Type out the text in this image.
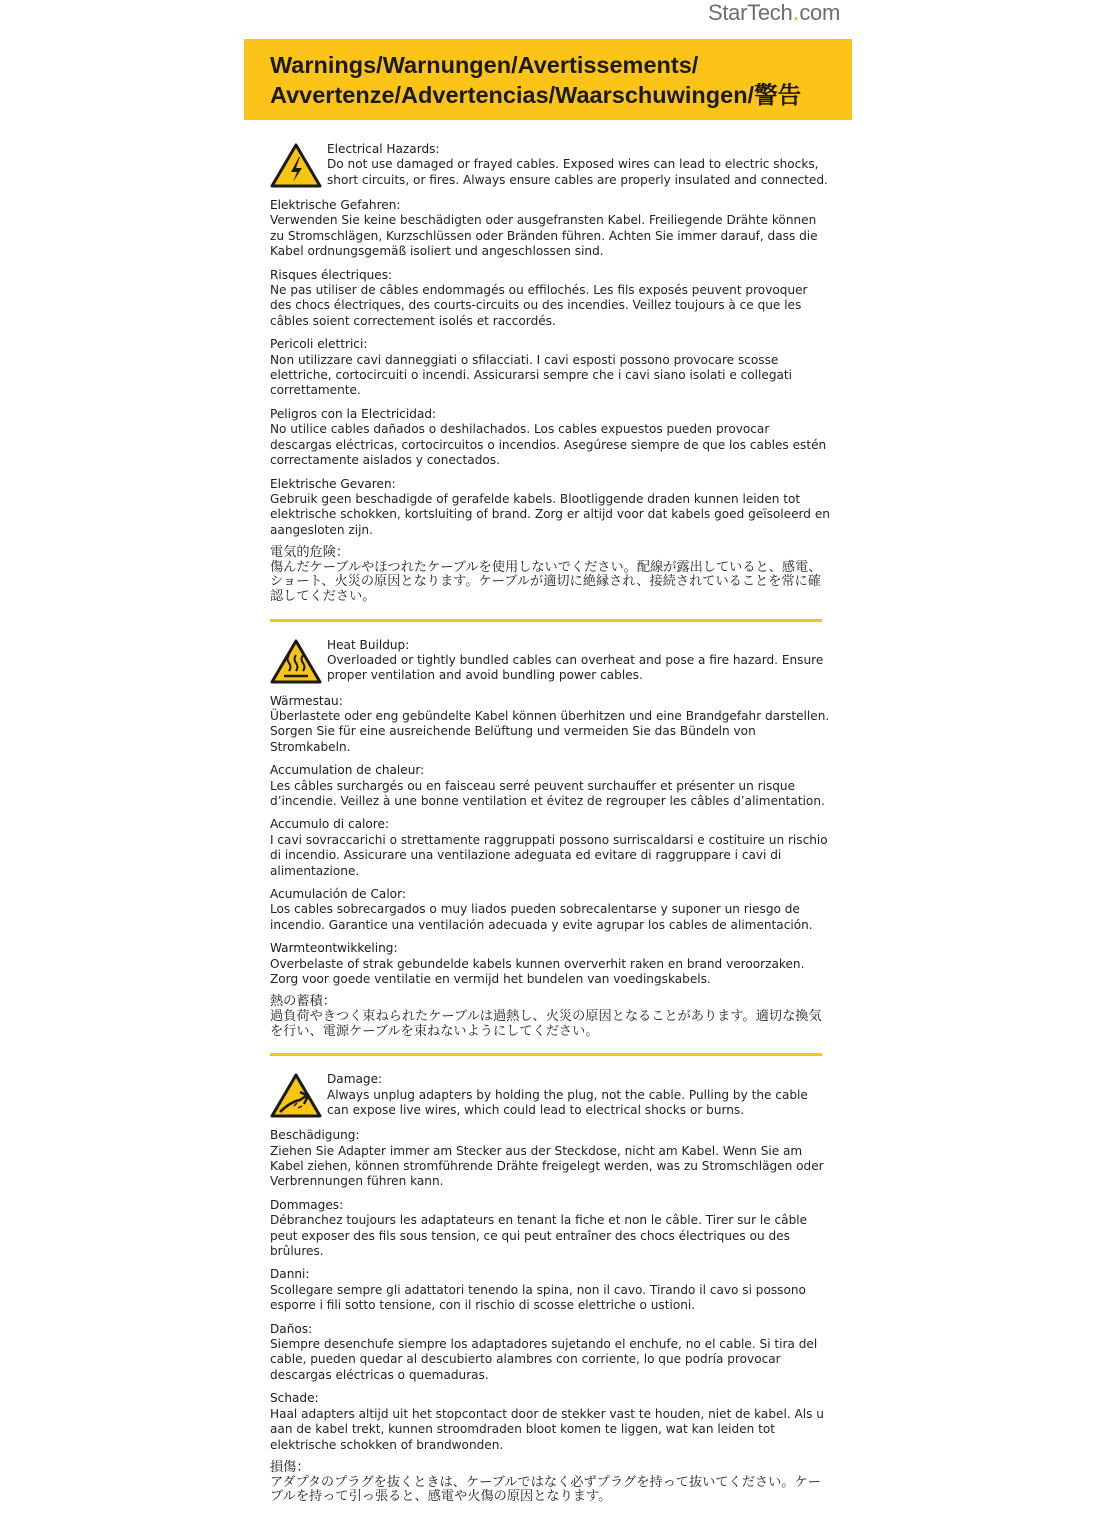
StarTech.com
Warnings/Warnungen/Avertissements/
Avvertenze/Advertencias/Waarschuwingen/警告
Electrical Hazards:
Do not use damaged or frayed cables. Exposed wires can lead to electric shocks, short circuits, or fires. Always ensure cables are properly insulated and connected.
Elektrische Gefahren:
Verwenden Sie keine beschädigten oder ausgefransten Kabel. Freiliegende Drähte können zu Stromschlägen, Kurzschlüssen oder Bränden führen. Achten Sie immer darauf, dass die Kabel ordnungsgemäß isoliert und angeschlossen sind.
Risques électriques:
Ne pas utiliser de câbles endommagés ou effilochés. Les fils exposés peuvent provoquer des chocs électriques, des courts-circuits ou des incendies. Veillez toujours à ce que les câbles soient correctement isolés et raccordés.
Pericoli elettrici:
Non utilizzare cavi danneggiati o sfilacciati. I cavi esposti possono provocare scosse elettriche, cortocircuiti o incendi. Assicurarsi sempre che i cavi siano isolati e collegati correttamente.
Peligros con la Electricidad:
No utilice cables dañados o deshilachados. Los cables expuestos pueden provocar descargas eléctricas, cortocircuitos o incendios. Asegúrese siempre de que los cables estén correctamente aislados y conectados.
Elektrische Gevaren:
Gebruik geen beschadigde of gerafelde kabels. Blootliggende draden kunnen leiden tot elektrische schokken, kortsluiting of brand. Zorg er altijd voor dat kabels goed geïsoleerd en aangesloten zijn.
電気的危険：
傷んだケーブルやほつれたケーブルを使用しないでください。配線が露出していると、感電、ショート、火災の原因となります。ケーブルが適切に絶縁され、接続されていることを常に確認してください。
Heat Buildup:
Overloaded or tightly bundled cables can overheat and pose a fire hazard. Ensure proper ventilation and avoid bundling power cables.
Wärmestau:
Überlastete oder eng gebündelte Kabel können überhitzen und eine Brandgefahr darstellen. Sorgen Sie für eine ausreichende Belüftung und vermeiden Sie das Bündeln von Stromkabeln.
Accumulation de chaleur:
Les câbles surchargés ou en faisceau serré peuvent surchauffer et présenter un risque d’incendie. Veillez à une bonne ventilation et évitez de regrouper les câbles d’alimentation.
Accumulo di calore:
I cavi sovraccarichi o strettamente raggruppati possono surriscaldarsi e costituire un rischio di incendio. Assicurare una ventilazione adeguata ed evitare di raggruppare i cavi di alimentazione.
Acumulación de Calor:
Los cables sobrecargados o muy liados pueden sobrecalentarse y suponer un riesgo de incendio. Garantice una ventilación adecuada y evite agrupar los cables de alimentación.
Warmteontwikkeling:
Overbelaste of strak gebundelde kabels kunnen oververhit raken en brand veroorzaken. Zorg voor goede ventilatie en vermijd het bundelen van voedingskabels.
熱の蓄積：
過負荷やきつく束ねられたケーブルは過熱し、火災の原因となることがあります。適切な換気を行い、電源ケーブルを束ねないようにしてください。
Damage:
Always unplug adapters by holding the plug, not the cable. Pulling by the cable can expose live wires, which could lead to electrical shocks or burns.
Beschädigung:
Ziehen Sie Adapter immer am Stecker aus der Steckdose, nicht am Kabel. Wenn Sie am Kabel ziehen, können stromführende Drähte freigelegt werden, was zu Stromschlägen oder Verbrennungen führen kann.
Dommages:
Débranchez toujours les adaptateurs en tenant la fiche et non le câble. Tirer sur le câble peut exposer des fils sous tension, ce qui peut entraîner des chocs électriques ou des brûlures.
Danni:
Scollegare sempre gli adattatori tenendo la spina, non il cavo. Tirando il cavo si possono esporre i fili sotto tensione, con il rischio di scosse elettriche o ustioni.
Daños:
Siempre desenchufe siempre los adaptadores sujetando el enchufe, no el cable. Si tira del cable, pueden quedar al descubierto alambres con corriente, lo que podría provocar descargas eléctricas o quemaduras.
Schade:
Haal adapters altijd uit het stopcontact door de stekker vast te houden, niet de kabel. Als u aan de kabel trekt, kunnen stroomdraden bloot komen te liggen, wat kan leiden tot elektrische schokken of brandwonden.
損傷：
アダプタのプラグを抜くときは、ケーブルではなく必ずプラグを持って抜いてください。ケーブルを持って引っ張ると、感電や火傷の原因となります。
